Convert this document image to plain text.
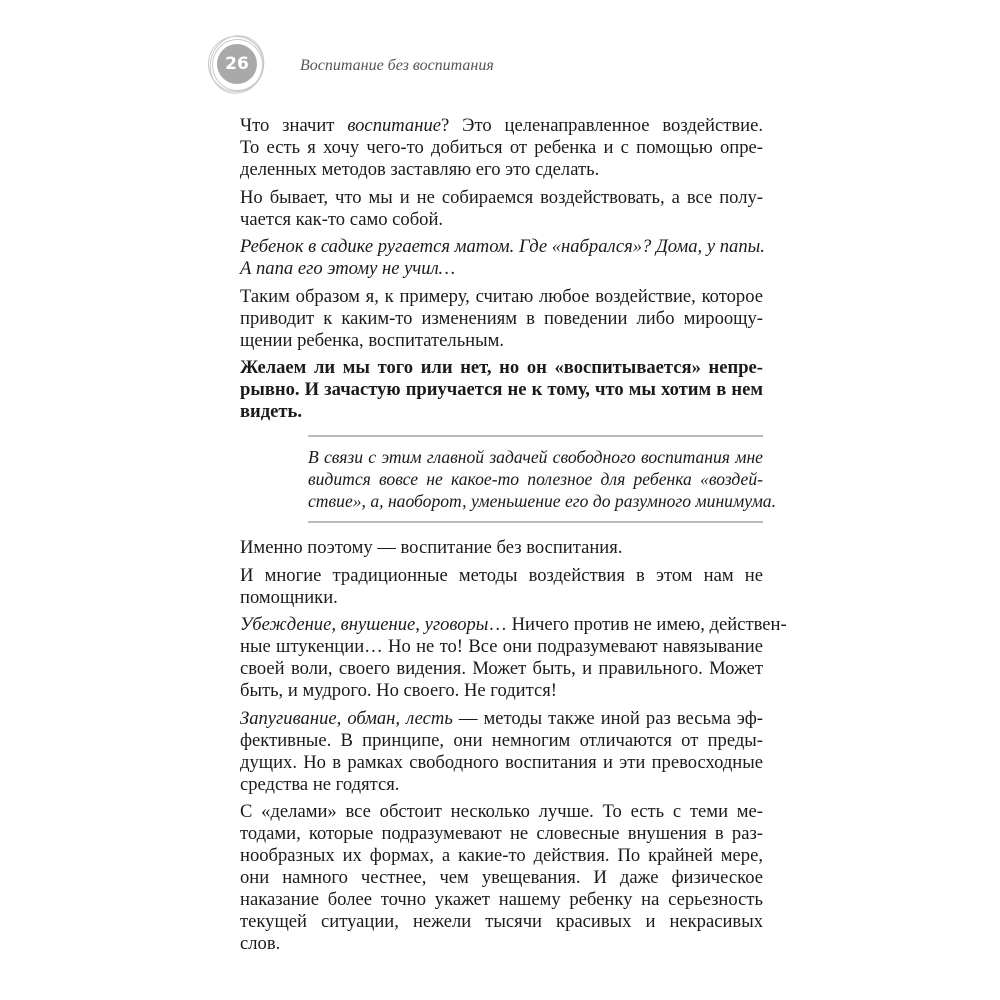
26	Воспитание без воспитания
Что значит воспитание? Это целенаправленное воздействие.
То есть я хочу чего-то добиться от ребенка и с помощью опре-
деленных методов заставляю его это сделать.
Но бывает, что мы и не собираемся воздействовать, а все полу-
чается как-то само собой.
Ребенок в садике ругается матом. Где «набрался»? Дома, у папы.
А папа его этому не учил…
Таким образом я, к примеру, считаю любое воздействие, которое
приводит к каким-то изменениям в поведении либо мироощу-
щении ребенка, воспитательным.
Желаем ли мы того или нет, но он «воспитывается» непре-
рывно. И зачастую приучается не к тому, что мы хотим в нем
видеть.
В связи с этим главной задачей свободного воспитания мне
видится вовсе не какое-то полезное для ребенка «воздей-
ствие», а, наоборот, уменьшение его до разумного минимума.
Именно поэтому — воспитание без воспитания.
И многие традиционные методы воздействия в этом нам не
помощники.
Убеждение, внушение, уговоры… Ничего против не имею, действен-
ные штукенции… Но не то! Все они подразумевают навязывание
своей воли, своего видения. Может быть, и правильного. Может
быть, и мудрого. Но своего. Не годится!
Запугивание, обман, лесть — методы также иной раз весьма эф-
фективные. В принципе, они немногим отличаются от преды-
дущих. Но в рамках свободного воспитания и эти превосходные
средства не годятся.
С «делами» все обстоит несколько лучше. То есть с теми ме-
тодами, которые подразумевают не словесные внушения в раз-
нообразных их формах, а какие-то действия. По крайней мере,
они намного честнее, чем увещевания. И даже физическое
наказание более точно укажет нашему ребенку на серьезность
текущей ситуации, нежели тысячи красивых и некрасивых
слов.
